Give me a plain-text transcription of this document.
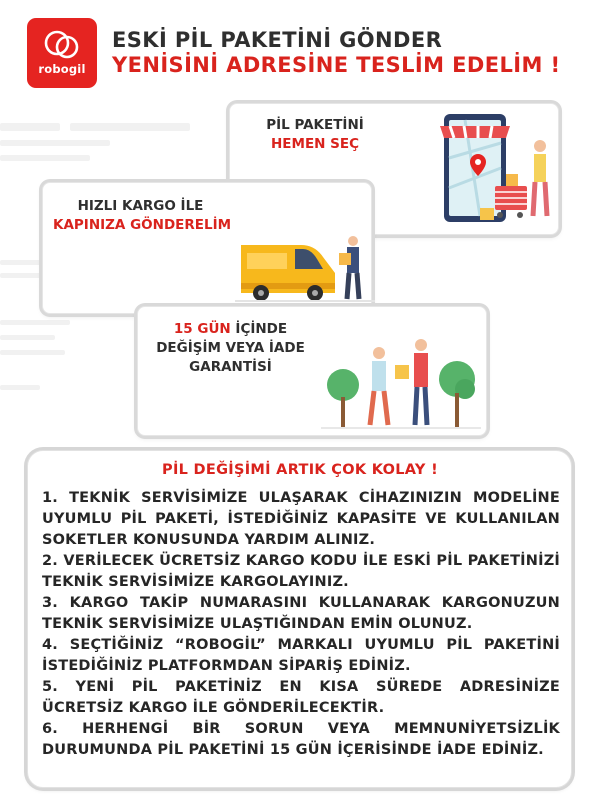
robogil
ESKİ PİL PAKETİNİ GÖNDER
YENİSİNİ ADRESİNE TESLİM EDELİM !
PİL PAKETİNİ
HEMEN SEÇ
HIZLI KARGO İLE
KAPINIZA GÖNDERELİM
15 GÜN İÇİNDE
DEĞİŞİM VEYA İADE
GARANTİSİ
PİL DEĞİŞİMİ ARTIK ÇOK KOLAY !
1. TEKNİK SERVİSİMİZE ULAŞARAK CİHAZINIZIN MODELİNE UYUMLU PİL PAKETİ, İSTEDİĞİNİZ KAPASİTE VE KULLANILAN SOKETLER KONUSUNDA YARDIM ALINIZ.
2. VERİLECEK ÜCRETSİZ KARGO KODU İLE ESKİ PİL PAKETİNİZİ TEKNİK SERVİSİMİZE KARGOLAYINIZ.
3. KARGO TAKİP NUMARASINI KULLANARAK KARGONUZUN TEKNİK SERVİSİMİZE ULAŞTIĞINDAN EMİN OLUNUZ.
4. SEÇTİĞİNİZ “ROBOGİL” MARKALI UYUMLU PİL PAKETİNİ İSTEDİĞİNİZ PLATFORMDAN SİPARİŞ EDİNİZ.
5. YENİ PİL PAKETİNİZ EN KISA SÜREDE ADRESİNİZE ÜCRETSİZ KARGO İLE GÖNDERİLECEKTİR.
6. HERHENGİ BİR SORUN VEYA MEMNUNİYETSİZLİK DURUMUNDA PİL PAKETİNİ 15 GÜN İÇERİSİNDE İADE EDİNİZ.
